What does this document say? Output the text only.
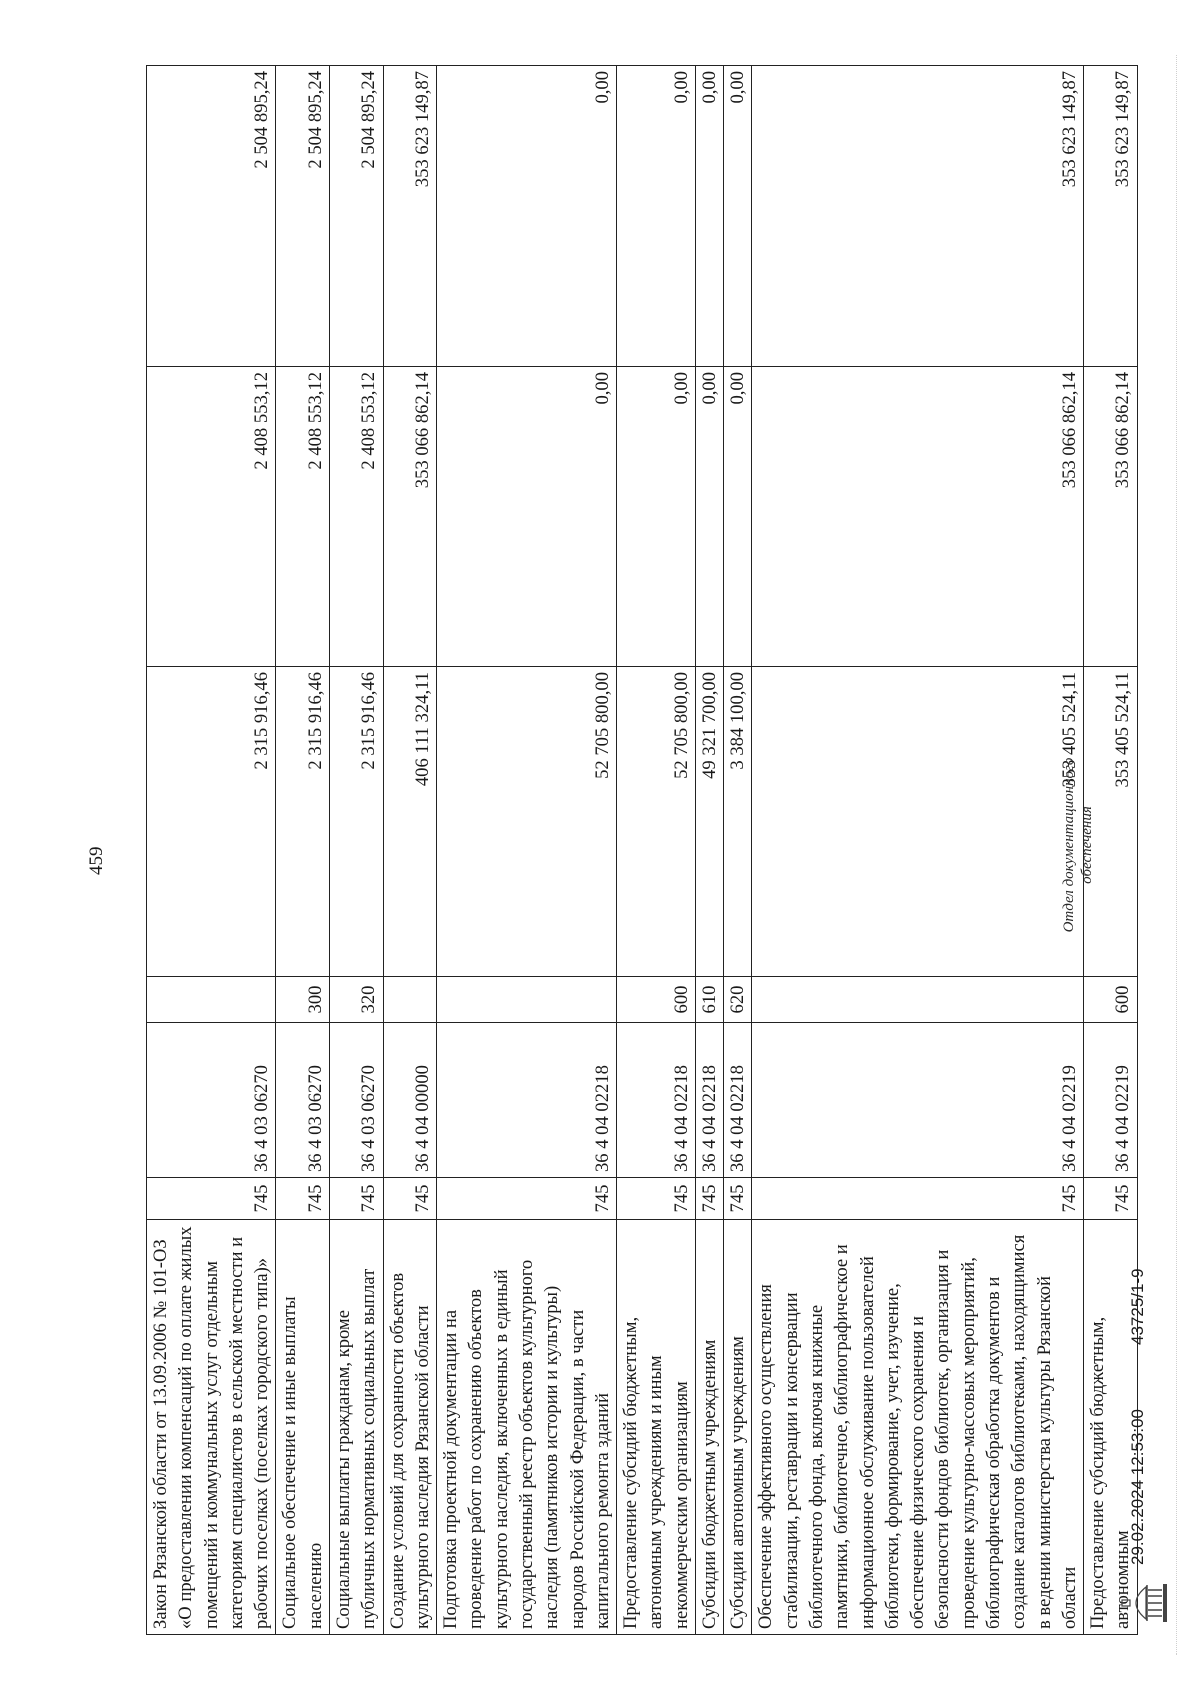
459
Закон Рязанской области от 13.09.2006 № 101-ОЗ «О предоставлении компенсаций по оплате жилых помещений и коммунальных услуг отдельным категориям специалистов в сельской местности и рабочих поселках (поселках городского типа)»	745	36 4 03 06270		2 315 916,46	2 408 553,12	2 504 895,24
Социальное обеспечение и иные выплаты населению	745	36 4 03 06270	300	2 315 916,46	2 408 553,12	2 504 895,24
Социальные выплаты гражданам, кроме публичных нормативных социальных выплат	745	36 4 03 06270	320	2 315 916,46	2 408 553,12	2 504 895,24
Создание условий для сохранности объектов культурного наследия Рязанской области	745	36 4 04 00000		406 111 324,11	353 066 862,14	353 623 149,87
Подготовка проектной документации на проведение работ по сохранению объектов культурного наследия, включенных в единый государственный реестр объектов культурного наследия (памятников истории и культуры) народов Российской Федерации, в части капитального ремонта зданий	745	36 4 04 02218		52 705 800,00	0,00	0,00
Предоставление субсидий бюджетным, автономным учреждениям и иным некоммерческим организациям	745	36 4 04 02218	600	52 705 800,00	0,00	0,00
Субсидии бюджетным учреждениям	745	36 4 04 02218	610	49 321 700,00	0,00	0,00
Субсидии автономным учреждениям	745	36 4 04 02218	620	3 384 100,00	0,00	0,00
Обеспечение эффективного осуществления стабилизации, реставрации и консервации библиотечного фонда, включая книжные памятники, библиотечное, библиографическое и информационное обслуживание пользователей библиотеки, формирование, учет, изучение, обеспечение физического сохранения и безопасности фондов библиотек, организация и проведение культурно-массовых мероприятий, библиографическая обработка документов и создание каталогов библиотеками, находящимися в ведении министерства культуры Рязанской области	745	36 4 04 02219		353 405 524,11	353 066 862,14	353 623 149,87
Предоставление субсидий бюджетным, автономным	745	36 4 04 02219	600	353 405 524,11	353 066 862,14	353 623 149,87
29.02.2024 12:53:00
43725/1-9
Отдел документационного обеспечения
